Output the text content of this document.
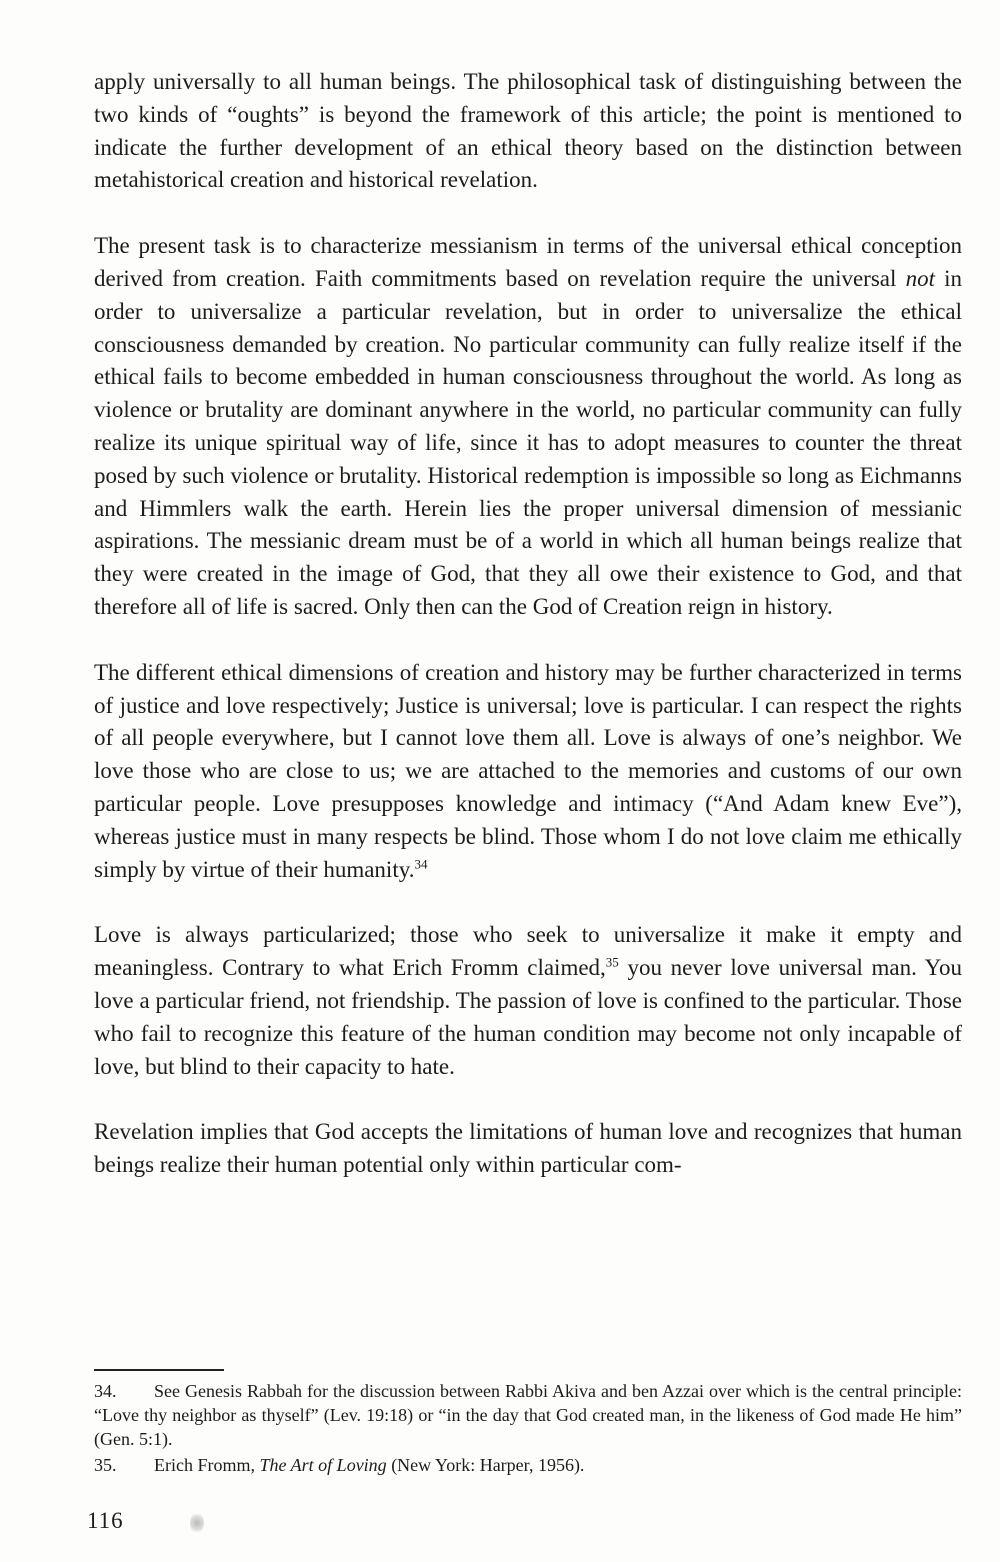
apply universally to all human beings. The philosophical task of distinguishing between the two kinds of “oughts” is beyond the framework of this article; the point is mentioned to indicate the further development of an ethical theory based on the distinction between metahistorical creation and historical revelation.

The present task is to characterize messianism in terms of the universal ethical conception derived from creation. Faith commitments based on revelation require the universal not in order to universalize a particular revelation, but in order to universalize the ethical consciousness demanded by creation. No particular community can fully realize itself if the ethical fails to become embedded in human consciousness throughout the world. As long as violence or brutality are dominant anywhere in the world, no particular community can fully realize its unique spiritual way of life, since it has to adopt measures to counter the threat posed by such violence or brutality. Historical redemption is impossible so long as Eichmanns and Himmlers walk the earth. Herein lies the proper universal dimension of messianic aspirations. The messianic dream must be of a world in which all human beings realize that they were created in the image of God, that they all owe their existence to God, and that therefore all of life is sacred. Only then can the God of Creation reign in history.

The different ethical dimensions of creation and history may be further characterized in terms of justice and love respectively; Justice is universal; love is particular. I can respect the rights of all people everywhere, but I cannot love them all. Love is always of one’s neighbor. We love those who are close to us; we are attached to the memories and customs of our own particular people. Love presupposes knowledge and intimacy (“And Adam knew Eve”), whereas justice must in many respects be blind. Those whom I do not love claim me ethically simply by virtue of their humanity.$^{34}$

Love is always particularized; those who seek to universalize it make it empty and meaningless. Contrary to what Erich Fromm claimed,$^{35}$ you never love universal man. You love a particular friend, not friendship. The passion of love is confined to the particular. Those who fail to recognize this feature of the human condition may become not only incapable of love, but blind to their capacity to hate.

Revelation implies that God accepts the limitations of human love and recognizes that human beings realize their human potential only within particular com-

34. See Genesis Rabbah for the discussion between Rabbi Akiva and ben Azzai over which is the central principle: “Love thy neighbor as thyself” (Lev. 19:18) or “in the day that God created man, in the likeness of God made He him” (Gen. 5:1).

35. Erich Fromm, The Art of Loving (New York: Harper, 1956).

116
